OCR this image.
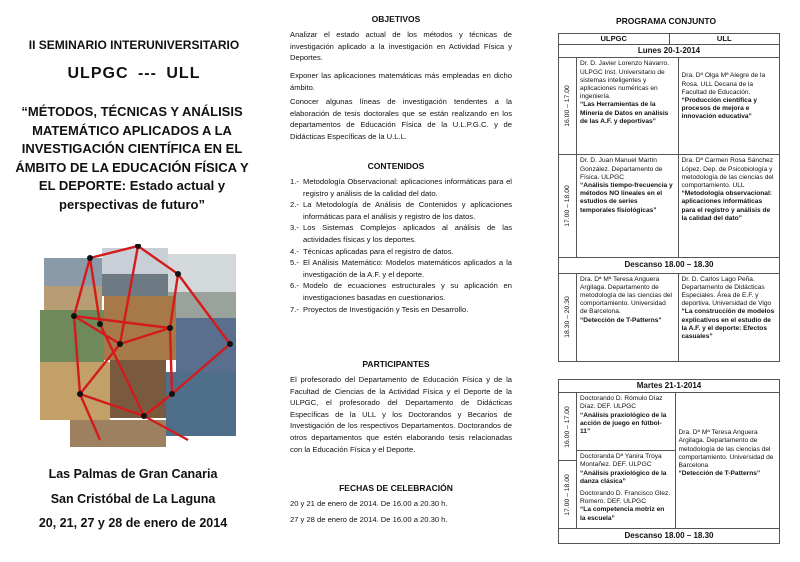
II SEMINARIO INTERUNIVERSITARIO
ULPGC --- ULL
“MÉTODOS, TÉCNICAS Y ANÁLISIS
MATEMÁTICO APLICADOS A LA
INVESTIGACIÓN CIENTÍFICA EN EL
ÁMBITO DE LA EDUCACIÓN FÍSICA Y
EL DEPORTE: Estado actual y
perspectivas de futuro”
Las Palmas de Gran Canaria
San Cristóbal de La Laguna
20, 21, 27 y 28 de enero de 2014
OBJETIVOS
Analizar el estado actual de los métodos y técnicas de investigación aplicado a la investigación en Actividad Física y Deportes.
Exponer las aplicaciones matemáticas más empleadas en dicho ámbito.
Conocer algunas líneas de investigación tendentes a la elaboración de tesis doctorales que se están realizando en los departamentos de Educación Física de la U.L.P.G.C. y de Didácticas Específicas de la U.L.L.
CONTENIDOS
1.- Metodología Observacional: aplicaciones informáticas para el registro y análisis de la calidad del dato.
2.- La Metodología de Análisis de Contenidos y aplicaciones informáticas para el análisis y registro de los datos.
3.- Los Sistemas Complejos aplicados al análisis de las actividades físicas y los deportes.
4.- Técnicas aplicadas para el registro de datos.
5.- El Análisis Matemático: Modelos matemáticos aplicados a la investigación de la A.F. y el deporte.
6.- Modelo de ecuaciones estructurales y su aplicación en investigaciones basadas en cuestionarios.
7.- Proyectos de Investigación y Tesis en Desarrollo.
PARTICIPANTES
El profesorado del Departamento de Educación Física y de la Facultad de Ciencias de la Actividad Física y el Deporte de la ULPGC, el profesorado del Departamento de Didácticas Específicas de la ULL y los Doctorandos y Becarios de Investigación de los respectivos Departamentos. Doctorandos de otros departamentos que estén elaborando tesis relacionadas con la Educación Física y el Deporte.
FECHAS DE CELEBRACIÓN
20 y 21 de enero de 2014. De 16.00 a 20.30 h.
27 y 28 de enero de 2014. De 16.00 a 20.30 h.
PROGRAMA CONJUNTO
ULPGC	ULL
Lunes 20-1-2014
16.00 – 17.00
Dr. D. Javier Lorenzo Navarro. ULPGC Inst. Universitario de sistemas inteligentes y aplicaciones numéricas en ingeniería.
“Las Herramientas de la Minería de Datos en análisis de las A.F. y deportivas”
Dra. Dª Olga Mª Alegre de la Rosa. ULL Decana de la Facultad de Educación.
“Producción científica y procesos de mejora e innovación educativa”
17.00 – 18.00
Dr. D. Juan Manuel Martín González. Departamento de Física. ULPGC
“Análisis tiempo-frecuencia y métodos NO lineales en el estudios de series temporales fisiológicas”
Dra. Dª Carmen Rosa Sánchez López. Dep. de Psicobiología y metodología de las ciencias del comportamiento. ULL
“Metodología observacional: aplicaciones informáticas para el registro y análisis de la calidad del dato”
Descanso 18.00 – 18.30
18.30 – 20.30
Dra. Dª Mª Teresa Anguera Argilaga. Departamento de metodología de las ciencias del comportamiento. Universidad de Barcelona.
“Detección de T-Patterns”
Dr. D. Carlos Lago Peña. Departamento de Didácticas Especiales. Área de E.F. y deportiva. Universidad de Vigo
“La construcción de modelos explicativos en el estudio de la A.F. y el deporte: Efectos casuales”
Martes 21-1-2014
16.00 – 17.00
17.00 – 18.00
Doctorando D. Rómulo Díaz Díaz. DEF. ULPGC
“Análisis praxiológico de la acción de juego en fútbol-11”
Doctoranda Dª Yanira Troya Montañez. DEF. ULPGC
“Análisis praxiológico de la danza clásica”
Doctorando D. Francisco Glez. Romero. DEF. ULPGC
“La competencia motriz en la escuela”
Dra. Dª Mª Teresa Anguera Argilaga. Departamento de metodología de las ciencias del comportamiento. Universidad de Barcelona
“Detección de T-Patterns”
Descanso 18.00 – 18.30
